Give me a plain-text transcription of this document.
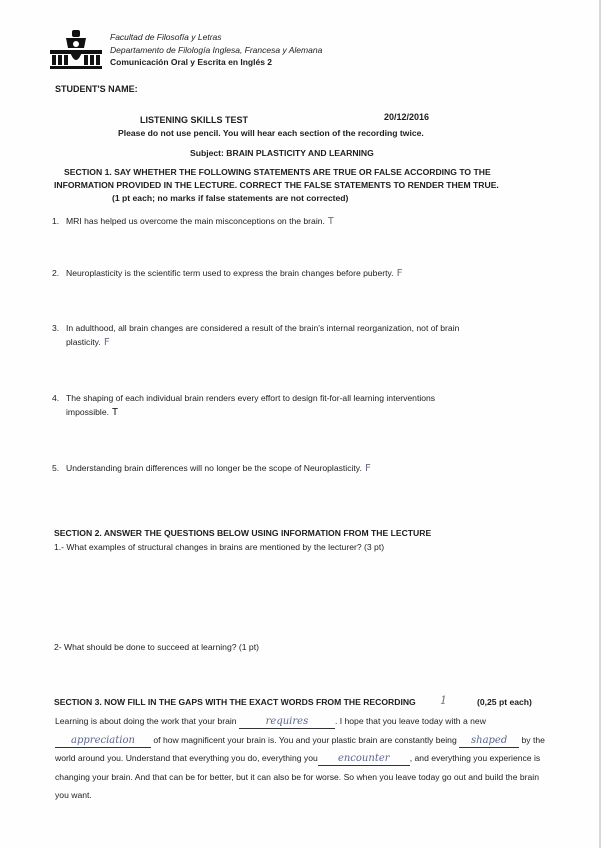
Facultad de Filosofía y Letras
Departamento de Filología Inglesa, Francesa y Alemana
Comunicación Oral y Escrita en Inglés 2
STUDENT'S NAME:
LISTENING SKILLS TEST	20/12/2016
Please do not use pencil. You will hear each section of the recording twice.
Subject: BRAIN PLASTICITY AND LEARNING
SECTION 1. SAY WHETHER THE FOLLOWING STATEMENTS ARE TRUE OR FALSE ACCORDING TO THE
INFORMATION PROVIDED IN THE LECTURE. CORRECT THE FALSE STATEMENTS TO RENDER THEM TRUE.
(1 pt each; no marks if false statements are not corrected)
1. MRI has helped us overcome the main misconceptions on the brain. T
2. Neuroplasticity is the scientific term used to express the brain changes before puberty. F
3. In adulthood, all brain changes are considered a result of the brain's internal reorganization, not of brain
plasticity. F
4. The shaping of each individual brain renders every effort to design fit-for-all learning interventions
impossible. T
5. Understanding brain differences will no longer be the scope of Neuroplasticity. F
SECTION 2. ANSWER THE QUESTIONS BELOW USING INFORMATION FROM THE LECTURE
1.- What examples of structural changes in brains are mentioned by the lecturer? (3 pt)
2- What should be done to succeed at learning? (1 pt)
SECTION 3. NOW FILL IN THE GAPS WITH THE EXACT WORDS FROM THE RECORDING 1	(0,25 pt each)
Learning is about doing the work that your brain	requires	. I hope that you leave today with a new appreciation of how magnificent your brain is. You and your plastic brain are constantly being shaped by the world around you. Understand that everything you do, everything you encounter , and everything you experience is changing your brain. And that can be for better, but it can also be for worse. So when you leave today go out and build the brain you want.
